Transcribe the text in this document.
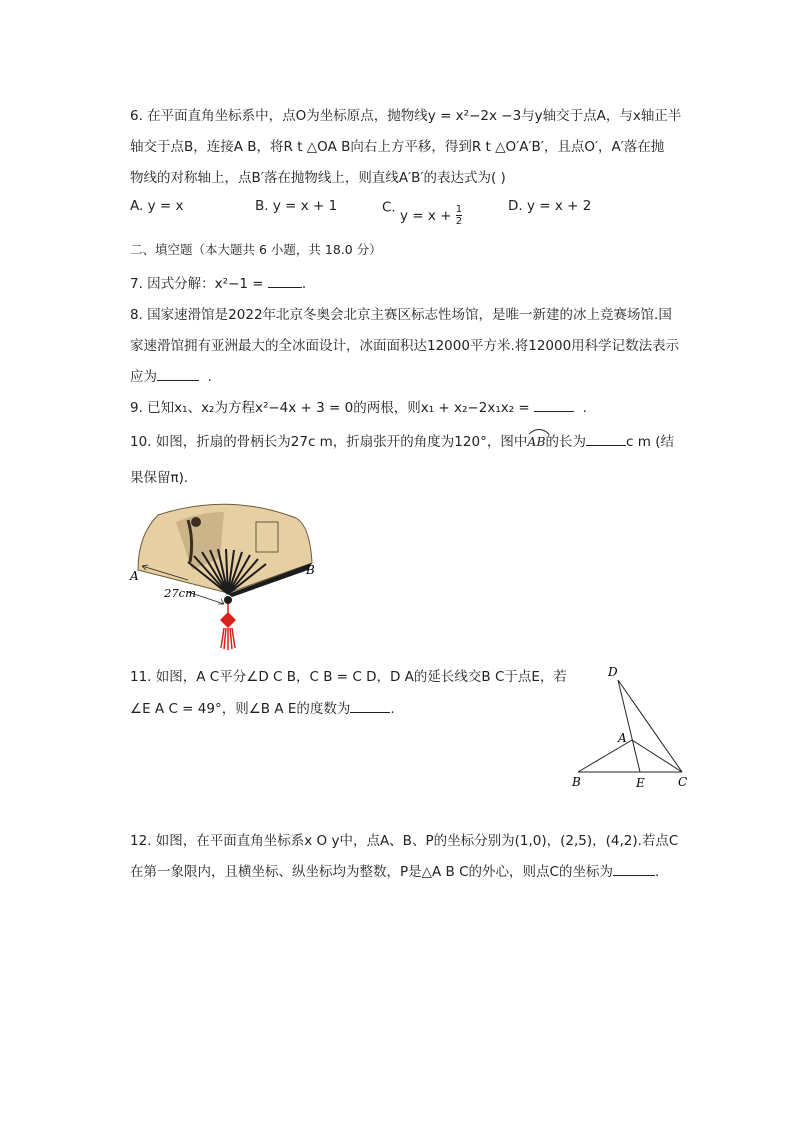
6. 在平面直角坐标系中，点O为坐标原点，抛物线y = x²−2x −3与y轴交于点A，与x轴正半
轴交于点B，连接A B，将R t △OA B向右上方平移，得到R t △O′A′B′，且点O′，A′落在抛
物线的对称轴上，点B′落在抛物线上，则直线A′B′的表达式为( )
A. y = x	B. y = x + 1	C. $y = x + \frac{1}{2}$	D. y = x + 2
二、填空题（本大题共 6 小题，共 18.0 分）
7. 因式分解：x²−1 =	.
8. 国家速滑馆是2022年北京冬奥会北京主赛区标志性场馆，是唯一新建的冰上竞赛场馆.国
家速滑馆拥有亚洲最大的全冰面设计，冰面面积达12000平方米.将12000用科学记数法表示
应为	.
9. 已知x₁、x₂为方程x²−4x + 3 = 0的两根，则x₁ + x₂−2x₁x₂ =	.
10. 如图，折扇的骨柄长为27c m，折扇张开的角度为120°，图中
AB的长为	c m (结
果保留π).
A	B
27cm
11. 如图，A C平分∠D C B，C B = C D，D A的延长线交B C于点E，若
∠E A C = 49°，则∠B A E的度数为	.
D
A
B	E	C
12. 如图，在平面直角坐标系x O y中，点A、B、P的坐标分别为(1,0)，(2,5)，(4,2).若点C
在第一象限内，且横坐标、纵坐标均为整数，P是△A B C的外心，则点C的坐标为	.
